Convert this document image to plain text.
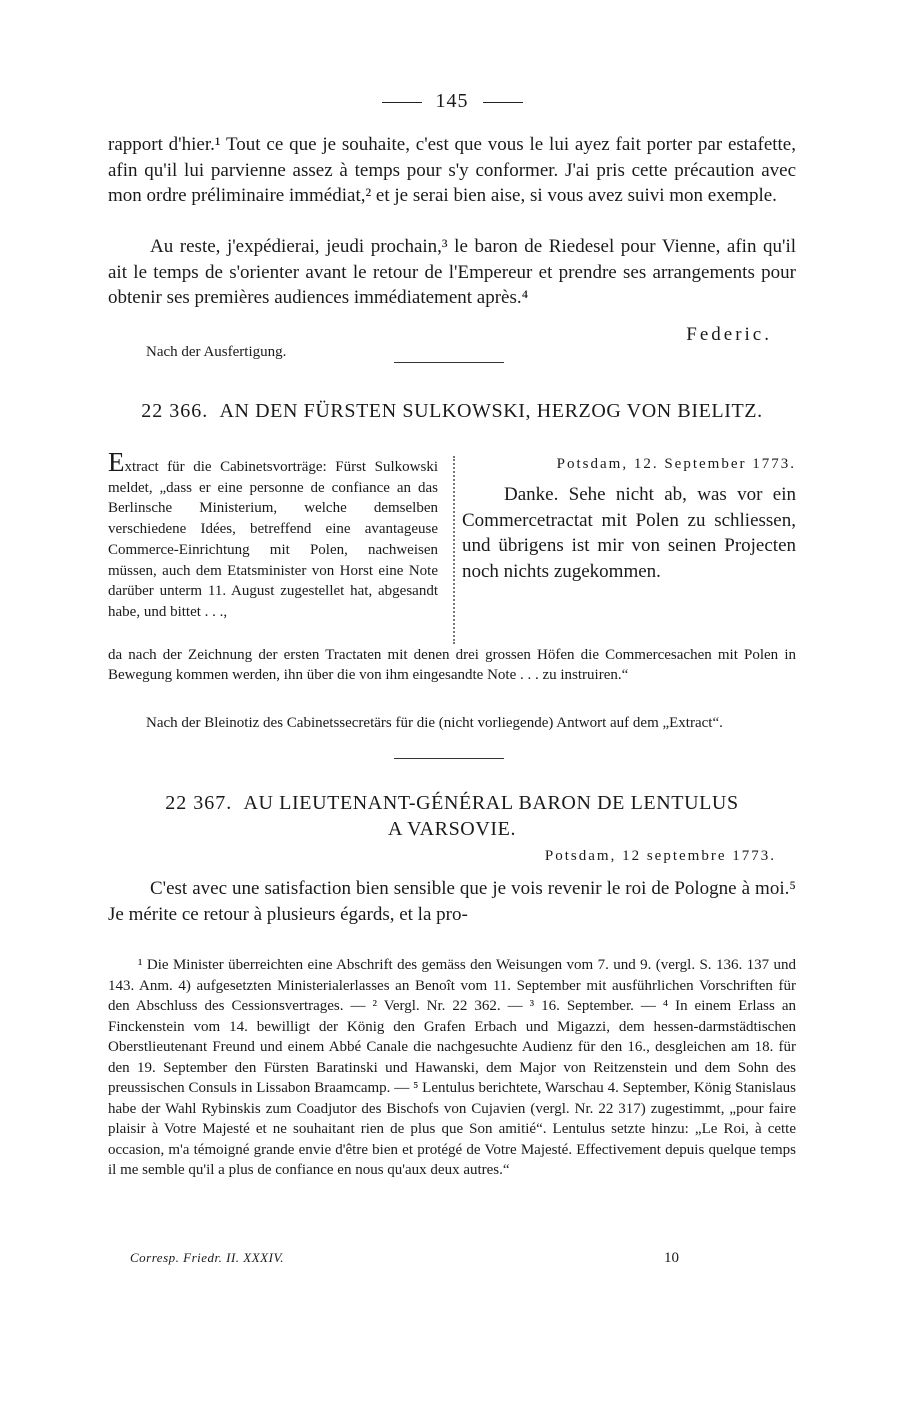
145
rapport d'hier.¹ Tout ce que je souhaite, c'est que vous le lui ayez fait porter par estafette, afin qu'il lui parvienne assez à temps pour s'y conformer. J'ai pris cette précaution avec mon ordre préliminaire immédiat,² et je serai bien aise, si vous avez suivi mon exemple.
Au reste, j'expédierai, jeudi prochain,³ le baron de Riedesel pour Vienne, afin qu'il ait le temps de s'orienter avant le retour de l'Empereur et prendre ses arrangements pour obtenir ses premières audiences immédiatement après.⁴
Federic.
Nach der Ausfertigung.
22 366. AN DEN FÜRSTEN SULKOWSKI, HERZOG VON BIELITZ.
Extract für die Cabinetsvorträge: Fürst Sulkowski meldet, „dass er eine personne de confiance an das Berlinsche Ministerium, welche demselben verschiedene Idées, betreffend eine avantageuse Commerce-Einrichtung mit Polen, nachweisen müssen, auch dem Etatsminister von Horst eine Note darüber unterm 11. August zugestellet hat, abgesandt habe, und bittet . . .,
Potsdam, 12. September 1773.
Danke. Sehe nicht ab, was vor ein Commercetractat mit Polen zu schliessen, und übrigens ist mir von seinen Projecten noch nichts zugekommen.
da nach der Zeichnung der ersten Tractaten mit denen drei grossen Höfen die Commercesachen mit Polen in Bewegung kommen werden, ihn über die von ihm eingesandte Note . . . zu instruiren.“
Nach der Bleinotiz des Cabinetssecretärs für die (nicht vorliegende) Antwort auf dem „Extract“.
22 367. AU LIEUTENANT-GÉNÉRAL BARON DE LENTULUS
A VARSOVIE.
Potsdam, 12 septembre 1773.
C'est avec une satisfaction bien sensible que je vois revenir le roi de Pologne à moi.⁵ Je mérite ce retour à plusieurs égards, et la pro-
¹ Die Minister überreichten eine Abschrift des gemäss den Weisungen vom 7. und 9. (vergl. S. 136. 137 und 143. Anm. 4) aufgesetzten Ministerialerlasses an Benoît vom 11. September mit ausführlichen Vorschriften für den Abschluss des Cessionsvertrages. — ² Vergl. Nr. 22 362. — ³ 16. September. — ⁴ In einem Erlass an Finckenstein vom 14. bewilligt der König den Grafen Erbach und Migazzi, dem hessen-darmstädtischen Oberstlieutenant Freund und einem Abbé Canale die nachgesuchte Audienz für den 16., desgleichen am 18. für den 19. September den Fürsten Baratinski und Hawanski, dem Major von Reitzenstein und dem Sohn des preussischen Consuls in Lissabon Braamcamp. — ⁵ Lentulus berichtete, Warschau 4. September, König Stanislaus habe der Wahl Rybinskis zum Coadjutor des Bischofs von Cujavien (vergl. Nr. 22 317) zugestimmt, „pour faire plaisir à Votre Majesté et ne souhaitant rien de plus que Son amitié“. Lentulus setzte hinzu: „Le Roi, à cette occasion, m'a témoigné grande envie d'être bien et protégé de Votre Majesté. Effectivement depuis quelque temps il me semble qu'il a plus de confiance en nous qu'aux deux autres.“
Corresp. Friedr. II. XXXIV.	10
